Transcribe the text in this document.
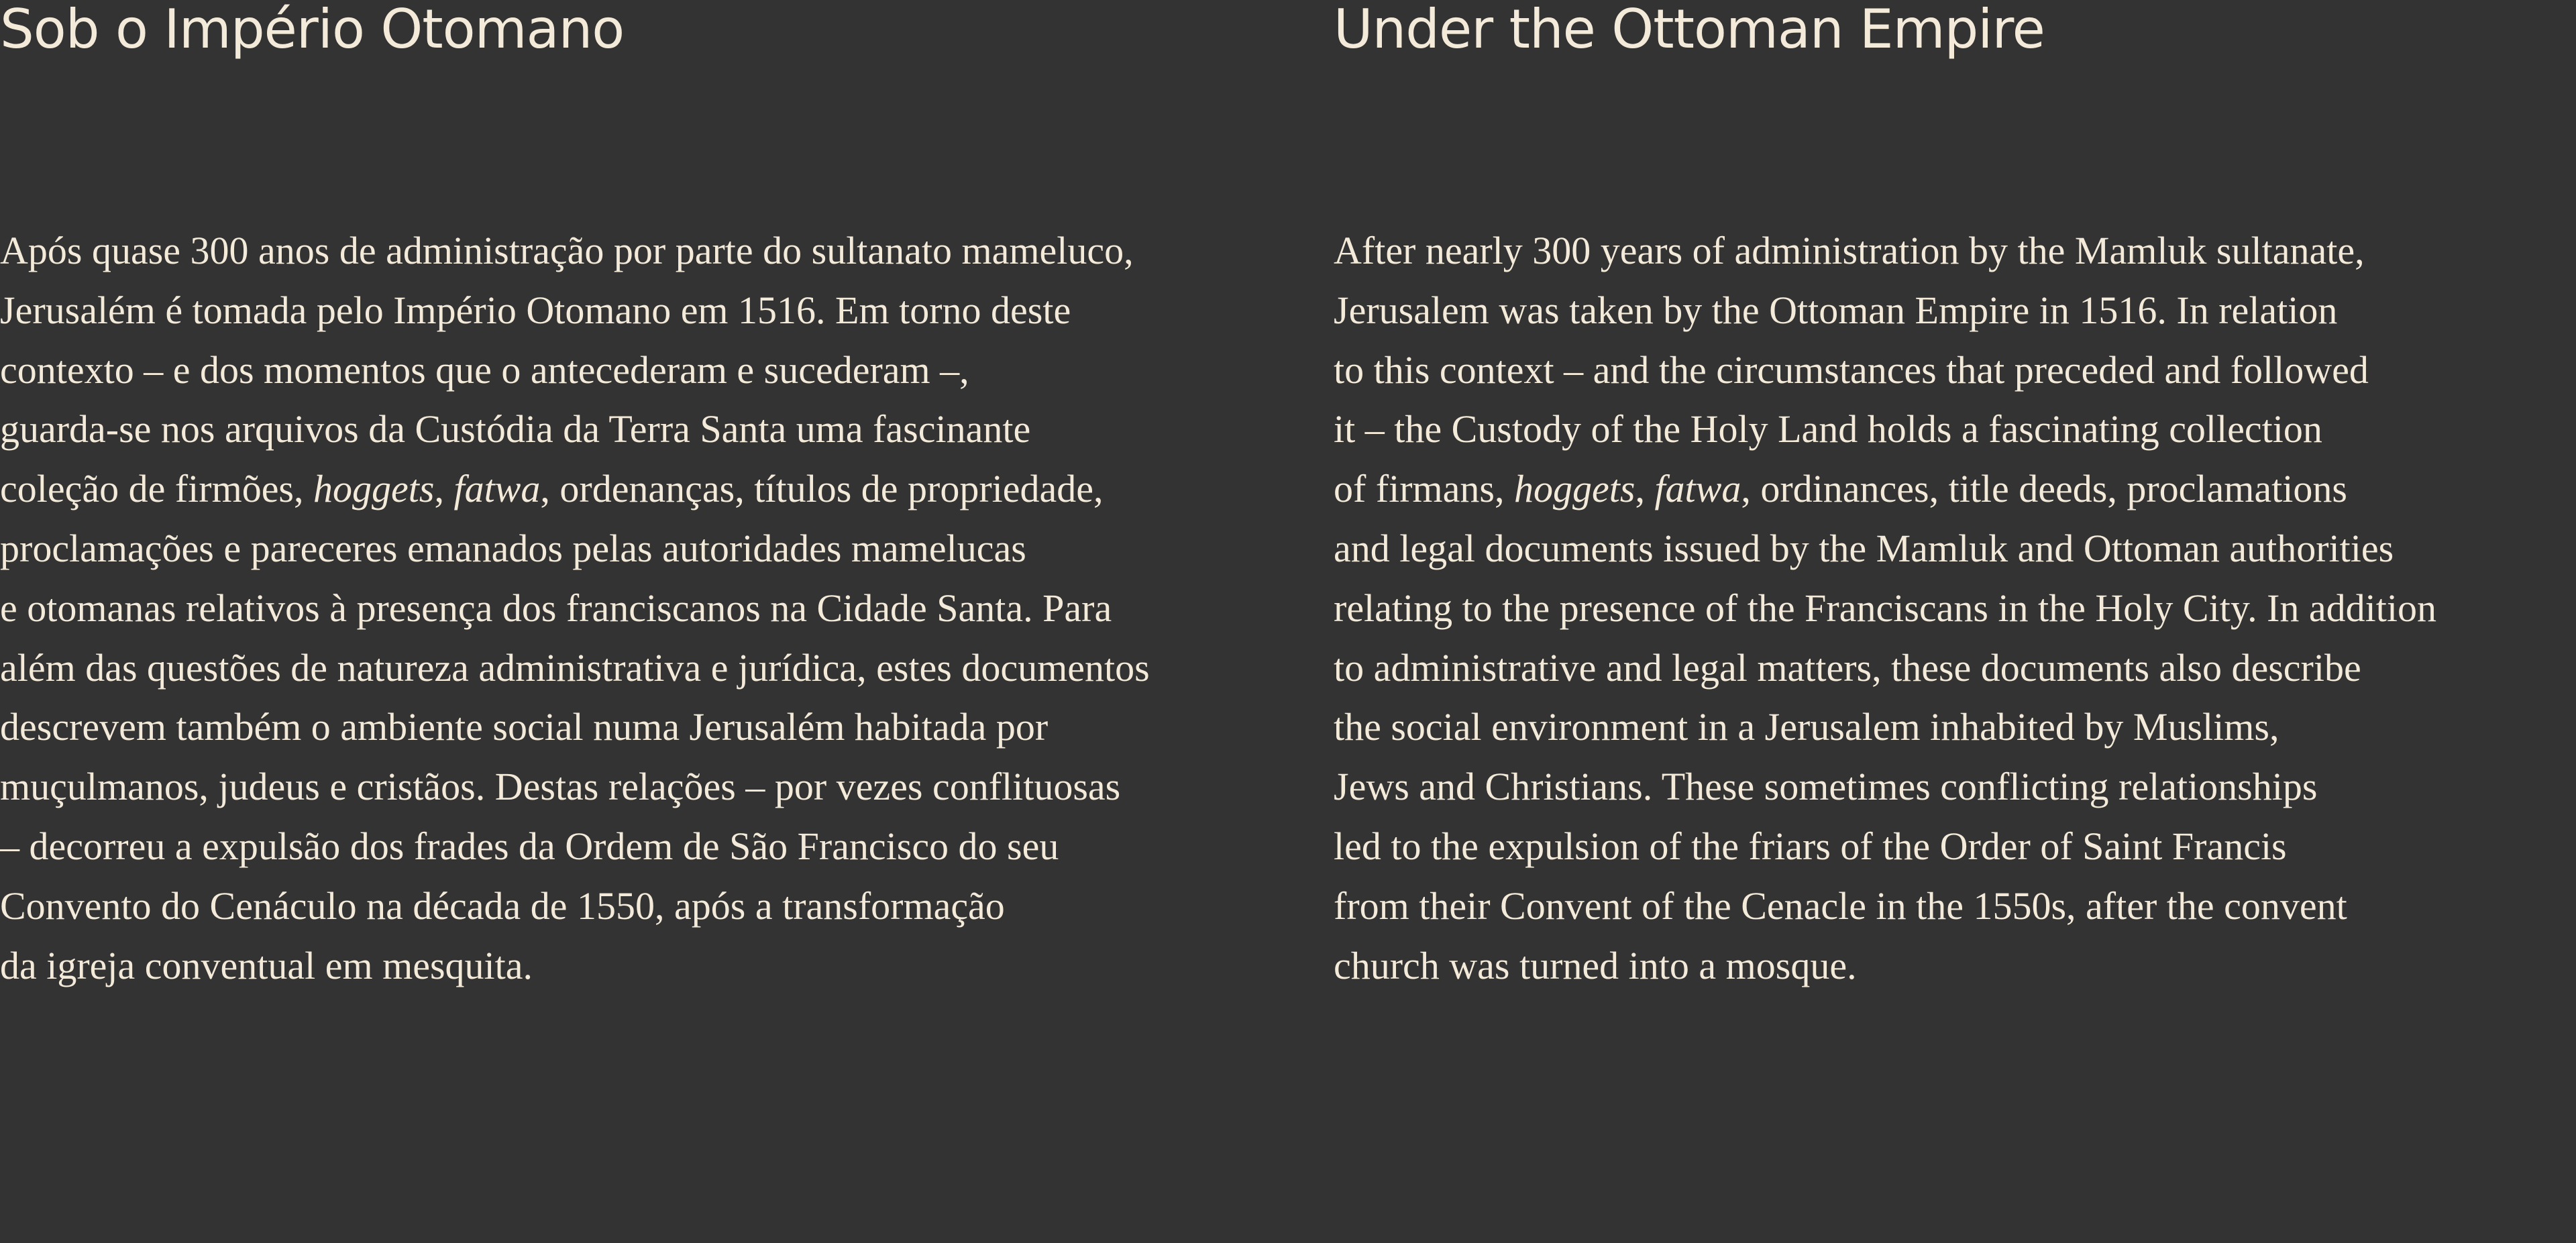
Sob o Império Otomano

Após quase 300 anos de administração por parte do sultanato mameluco,
Jerusalém é tomada pelo Império Otomano em 1516. Em torno deste
contexto – e dos momentos que o antecederam e sucederam –,
guarda-se nos arquivos da Custódia da Terra Santa uma fascinante
coleção de firmões, hoggets, fatwa, ordenanças, títulos de propriedade,
proclamações e pareceres emanados pelas autoridades mamelucas
e otomanas relativos à presença dos franciscanos na Cidade Santa. Para
além das questões de natureza administrativa e jurídica, estes documentos
descrevem também o ambiente social numa Jerusalém habitada por
muçulmanos, judeus e cristãos. Destas relações – por vezes conflituosas
– decorreu a expulsão dos frades da Ordem de São Francisco do seu
Convento do Cenáculo na década de 1550, após a transformação
da igreja conventual em mesquita.

Under the Ottoman Empire

After nearly 300 years of administration by the Mamluk sultanate,
Jerusalem was taken by the Ottoman Empire in 1516. In relation
to this context – and the circumstances that preceded and followed
it – the Custody of the Holy Land holds a fascinating collection
of firmans, hoggets, fatwa, ordinances, title deeds, proclamations
and legal documents issued by the Mamluk and Ottoman authorities
relating to the presence of the Franciscans in the Holy City. In addition
to administrative and legal matters, these documents also describe
the social environment in a Jerusalem inhabited by Muslims,
Jews and Christians. These sometimes conflicting relationships
led to the expulsion of the friars of the Order of Saint Francis
from their Convent of the Cenacle in the 1550s, after the convent
church was turned into a mosque.
